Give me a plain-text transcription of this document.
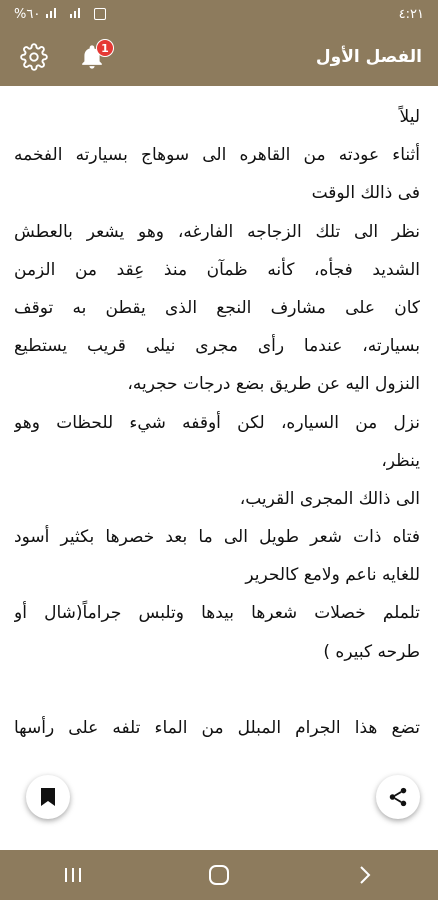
%٦٠	٤:٢١
1	الفصل الأول
ليلاً
أثناء عودته من القاهره الى سوهاج بسيارته الفخمه
فى ذالك الوقت
نظر الى تلك الزجاجه الفارغه، وهو يشعر بالعطش
الشديد فجأه، كأنه ظمآن منذ عِقد من الزمن
كان على مشارف النجع الذى يقطن به توقف
بسيارته، عندما رأى مجرى نيلى قريب يستطيع
النزول اليه عن طريق بضع درجات حجريه،
نزل من السياره، لكن أوقفه شيء للحظات وهو
ينظر،
الى ذالك المجرى القريب،
فتاه ذات شعر طويل الى ما بعد خصرها بكثير أسود
للغايه ناعم ولامع كالحرير
تلملم خصلات شعرها بيدها وتلبس جراماً(شال أو
طرحه كبيره )
تضع هذا الجرام المبلل من الماء تلفه على رأسها
